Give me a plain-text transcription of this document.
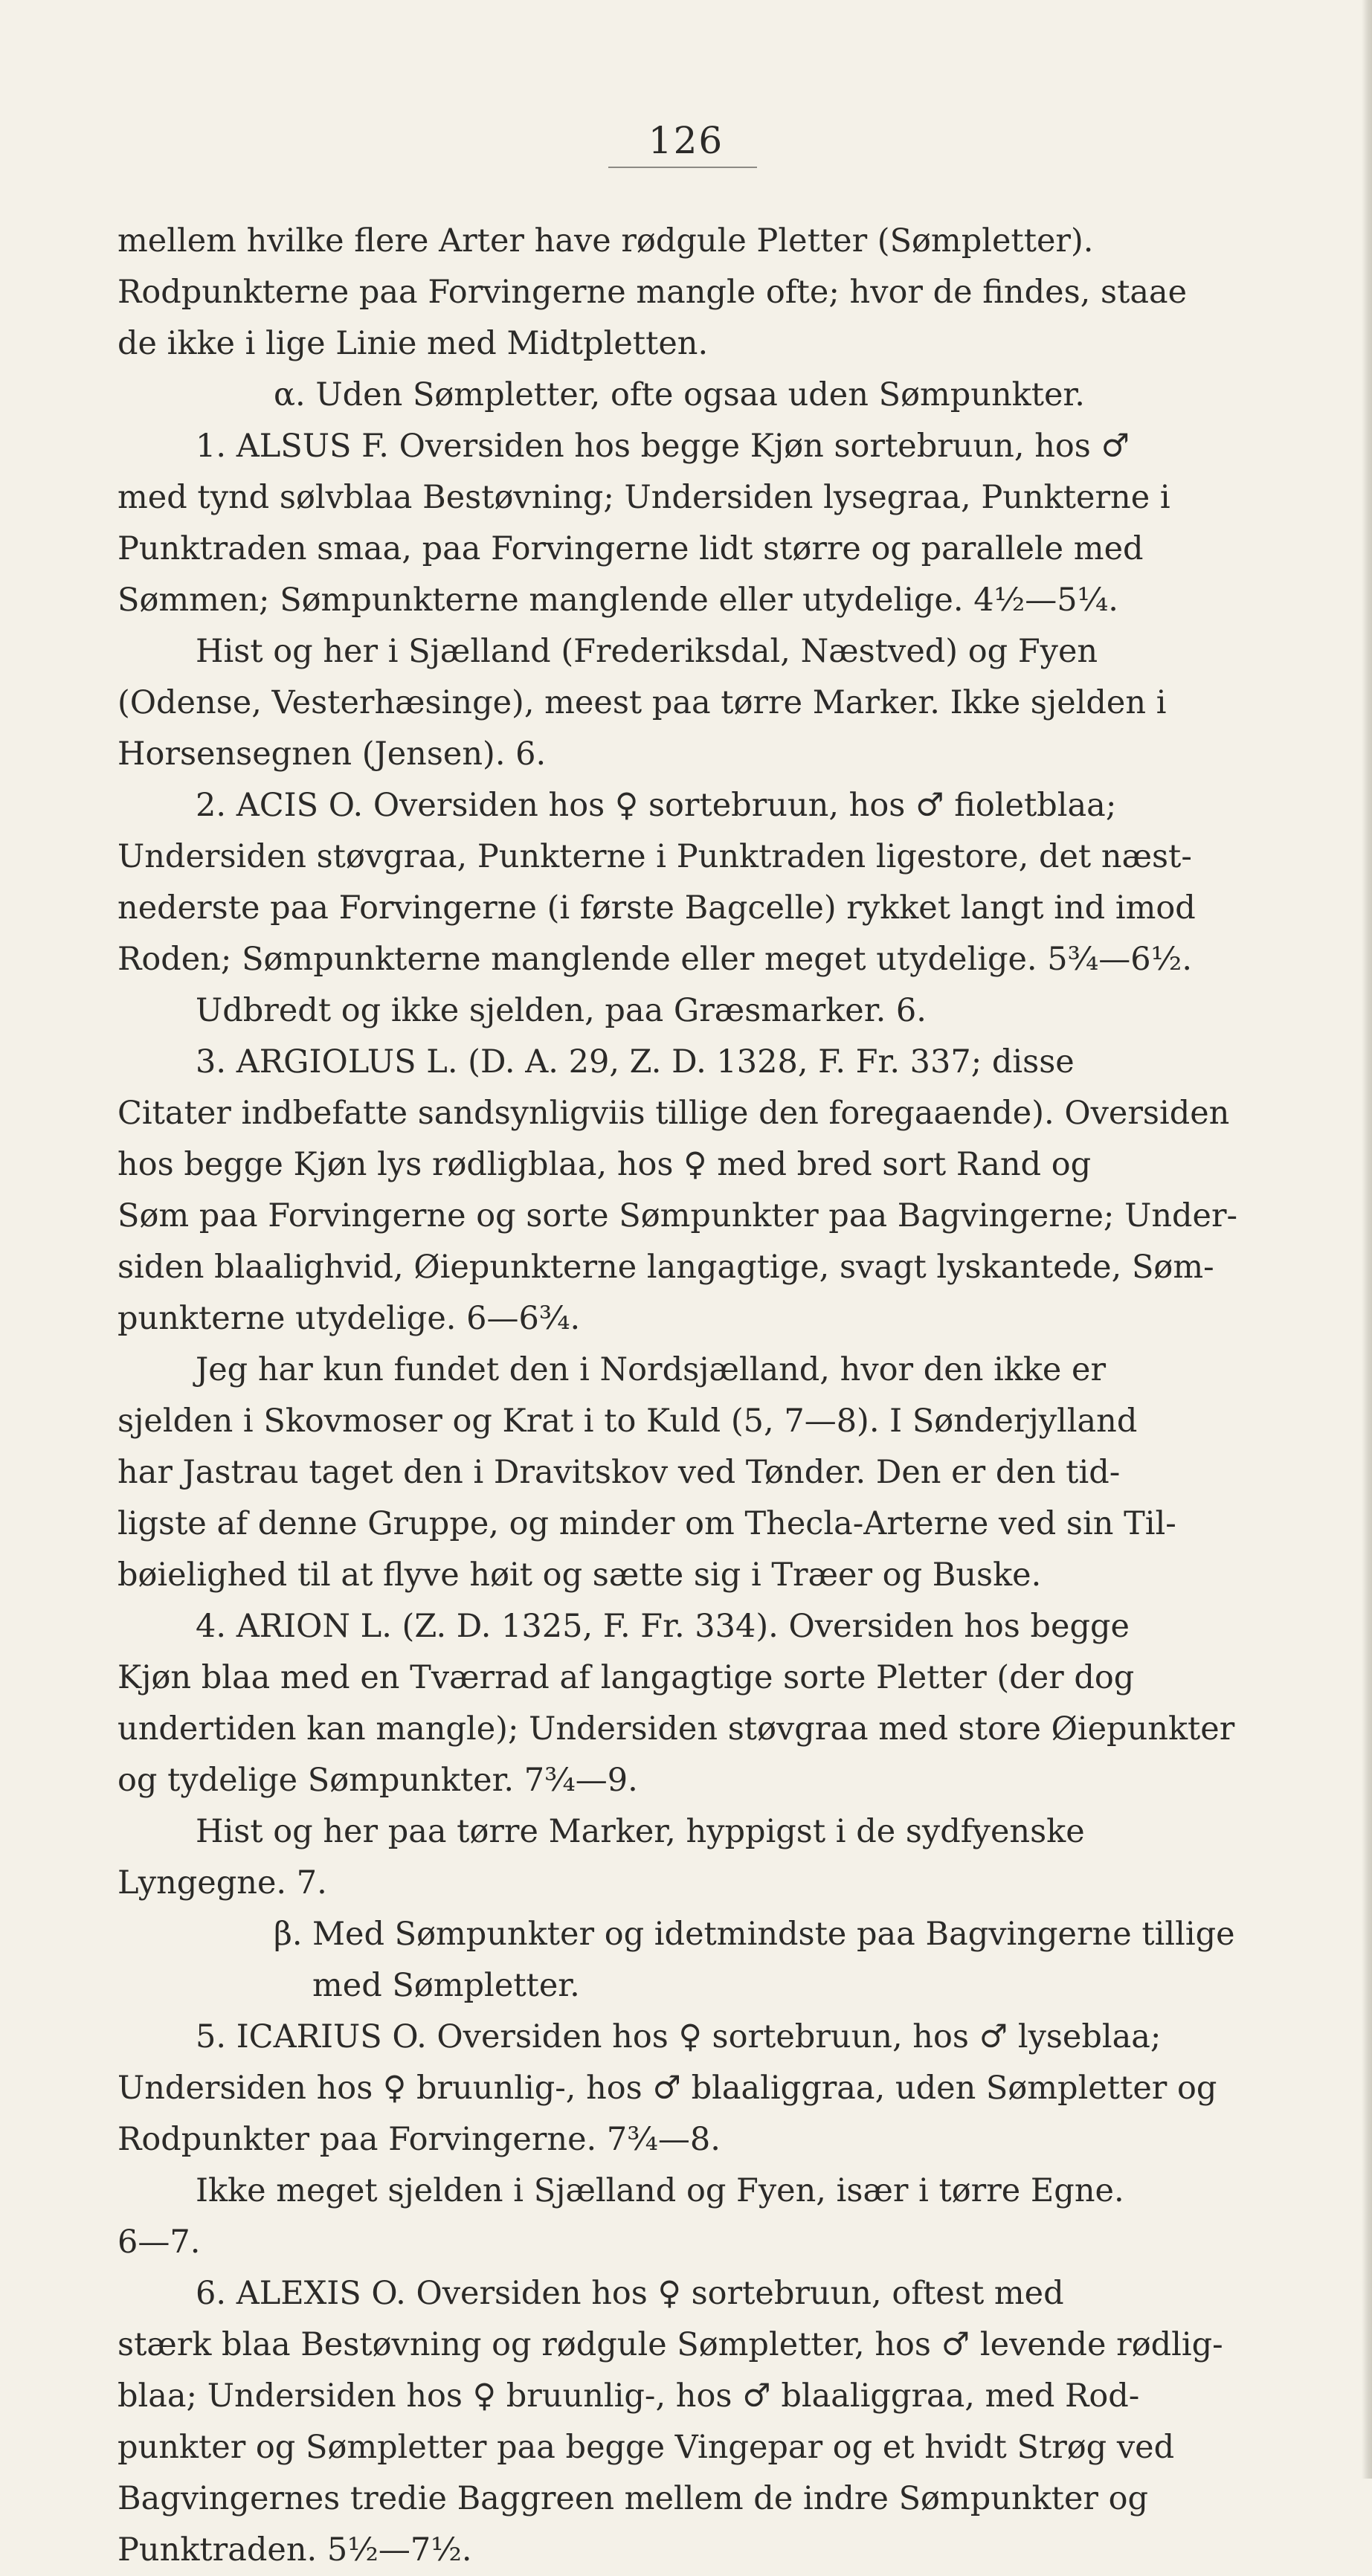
126
mellem hvilke flere Arter have rødgule Pletter (Sømpletter).
Rodpunkterne paa Forvingerne mangle ofte; hvor de findes, staae
de ikke i lige Linie med Midtpletten.
α. Uden Sømpletter, ofte ogsaa uden Sømpunkter.
1. ALSUS F. Oversiden hos begge Kjøn sortebruun, hos ♂
med tynd sølvblaa Bestøvning; Undersiden lysegraa, Punkterne i
Punktraden smaa, paa Forvingerne lidt større og parallele med
Sømmen; Sømpunkterne manglende eller utydelige. 4½—5¼.
Hist og her i Sjælland (Frederiksdal, Næstved) og Fyen
(Odense, Vesterhæsinge), meest paa tørre Marker. Ikke sjelden i
Horsensegnen (Jensen). 6.
2. ACIS O. Oversiden hos ♀ sortebruun, hos ♂ fioletblaa;
Undersiden støvgraa, Punkterne i Punktraden ligestore, det næst-
nederste paa Forvingerne (i første Bagcelle) rykket langt ind imod
Roden; Sømpunkterne manglende eller meget utydelige. 5¾—6½.
Udbredt og ikke sjelden, paa Græsmarker. 6.
3. ARGIOLUS L. (D. A. 29, Z. D. 1328, F. Fr. 337; disse
Citater indbefatte sandsynligviis tillige den foregaaende). Oversiden
hos begge Kjøn lys rødligblaa, hos ♀ med bred sort Rand og
Søm paa Forvingerne og sorte Sømpunkter paa Bagvingerne; Under-
siden blaalighvid, Øiepunkterne langagtige, svagt lyskantede, Søm-
punkterne utydelige. 6—6¾.
Jeg har kun fundet den i Nordsjælland, hvor den ikke er
sjelden i Skovmoser og Krat i to Kuld (5, 7—8). I Sønderjylland
har Jastrau taget den i Dravitskov ved Tønder. Den er den tid-
ligste af denne Gruppe, og minder om Thecla-Arterne ved sin Til-
bøielighed til at flyve høit og sætte sig i Træer og Buske.
4. ARION L. (Z. D. 1325, F. Fr. 334). Oversiden hos begge
Kjøn blaa med en Tværrad af langagtige sorte Pletter (der dog
undertiden kan mangle); Undersiden støvgraa med store Øiepunkter
og tydelige Sømpunkter. 7¾—9.
Hist og her paa tørre Marker, hyppigst i de sydfyenske
Lyngegne. 7.
β. Med Sømpunkter og idetmindste paa Bagvingerne tillige med Sømpletter.
5. ICARIUS O. Oversiden hos ♀ sortebruun, hos ♂ lyseblaa;
Undersiden hos ♀ bruunlig-, hos ♂ blaaliggraa, uden Sømpletter og
Rodpunkter paa Forvingerne. 7¾—8.
Ikke meget sjelden i Sjælland og Fyen, især i tørre Egne.
6—7.
6. ALEXIS O. Oversiden hos ♀ sortebruun, oftest med
stærk blaa Bestøvning og rødgule Sømpletter, hos ♂ levende rødlig-
blaa; Undersiden hos ♀ bruunlig-, hos ♂ blaaliggraa, med Rod-
punkter og Sømpletter paa begge Vingepar og et hvidt Strøg ved
Bagvingernes tredie Baggreen mellem de indre Sømpunkter og
Punktraden. 5½—7½.
